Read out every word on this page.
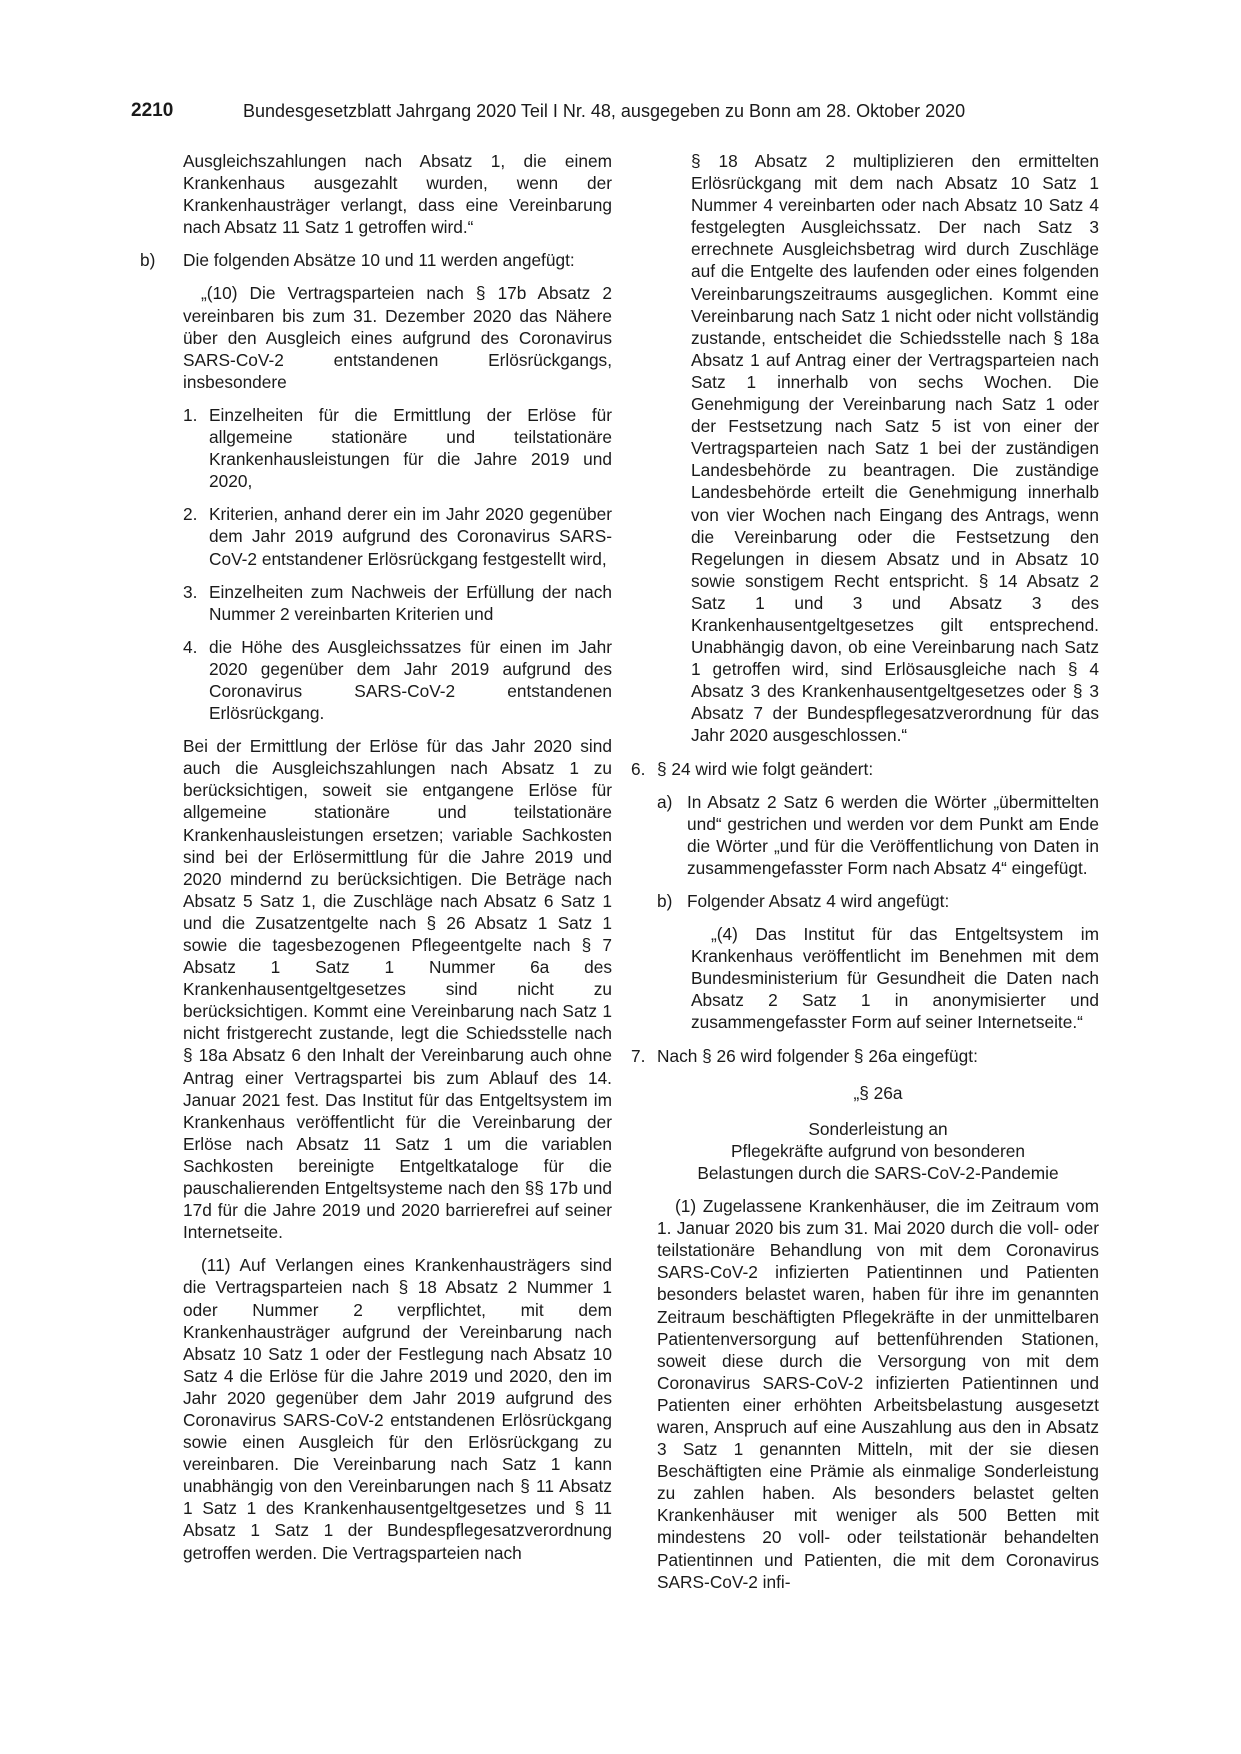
2210	Bundesgesetzblatt Jahrgang 2020 Teil I Nr. 48, ausgegeben zu Bonn am 28. Oktober 2020

Ausgleichszahlungen nach Absatz 1, die einem Krankenhaus ausgezahlt wurden, wenn der Krankenhausträger verlangt, dass eine Vereinbarung nach Absatz 11 Satz 1 getroffen wird.“

b) Die folgenden Absätze 10 und 11 werden angefügt:

„(10) Die Vertragsparteien nach § 17b Absatz 2 vereinbaren bis zum 31. Dezember 2020 das Nähere über den Ausgleich eines aufgrund des Coronavirus SARS-CoV-2 entstandenen Erlösrückgangs, insbesondere

1. Einzelheiten für die Ermittlung der Erlöse für allgemeine stationäre und teilstationäre Krankenhausleistungen für die Jahre 2019 und 2020,

2. Kriterien, anhand derer ein im Jahr 2020 gegenüber dem Jahr 2019 aufgrund des Coronavirus SARS-CoV-2 entstandener Erlösrückgang festgestellt wird,

3. Einzelheiten zum Nachweis der Erfüllung der nach Nummer 2 vereinbarten Kriterien und

4. die Höhe des Ausgleichssatzes für einen im Jahr 2020 gegenüber dem Jahr 2019 aufgrund des Coronavirus SARS-CoV-2 entstandenen Erlösrückgang.

Bei der Ermittlung der Erlöse für das Jahr 2020 sind auch die Ausgleichszahlungen nach Absatz 1 zu berücksichtigen, soweit sie entgangene Erlöse für allgemeine stationäre und teilstationäre Krankenhausleistungen ersetzen; variable Sachkosten sind bei der Erlösermittlung für die Jahre 2019 und 2020 mindernd zu berücksichtigen. Die Beträge nach Absatz 5 Satz 1, die Zuschläge nach Absatz 6 Satz 1 und die Zusatzentgelte nach § 26 Absatz 1 Satz 1 sowie die tagesbezogenen Pflegeentgelte nach § 7 Absatz 1 Satz 1 Nummer 6a des Krankenhausentgeltgesetzes sind nicht zu berücksichtigen. Kommt eine Vereinbarung nach Satz 1 nicht fristgerecht zustande, legt die Schiedsstelle nach § 18a Absatz 6 den Inhalt der Vereinbarung auch ohne Antrag einer Vertragspartei bis zum Ablauf des 14. Januar 2021 fest. Das Institut für das Entgeltsystem im Krankenhaus veröffentlicht für die Vereinbarung der Erlöse nach Absatz 11 Satz 1 um die variablen Sachkosten bereinigte Entgeltkataloge für die pauschalierenden Entgeltsysteme nach den §§ 17b und 17d für die Jahre 2019 und 2020 barrierefrei auf seiner Internetseite.

(11) Auf Verlangen eines Krankenhausträgers sind die Vertragsparteien nach § 18 Absatz 2 Nummer 1 oder Nummer 2 verpflichtet, mit dem Krankenhausträger aufgrund der Vereinbarung nach Absatz 10 Satz 1 oder der Festlegung nach Absatz 10 Satz 4 die Erlöse für die Jahre 2019 und 2020, den im Jahr 2020 gegenüber dem Jahr 2019 aufgrund des Coronavirus SARS-CoV-2 entstandenen Erlösrückgang sowie einen Ausgleich für den Erlösrückgang zu vereinbaren. Die Vereinbarung nach Satz 1 kann unabhängig von den Vereinbarungen nach § 11 Absatz 1 Satz 1 des Krankenhausentgeltgesetzes und § 11 Absatz 1 Satz 1 der Bundespflegesatzverordnung getroffen werden. Die Vertragsparteien nach

§ 18 Absatz 2 multiplizieren den ermittelten Erlösrückgang mit dem nach Absatz 10 Satz 1 Nummer 4 vereinbarten oder nach Absatz 10 Satz 4 festgelegten Ausgleichssatz. Der nach Satz 3 errechnete Ausgleichsbetrag wird durch Zuschläge auf die Entgelte des laufenden oder eines folgenden Vereinbarungszeitraums ausgeglichen. Kommt eine Vereinbarung nach Satz 1 nicht oder nicht vollständig zustande, entscheidet die Schiedsstelle nach § 18a Absatz 1 auf Antrag einer der Vertragsparteien nach Satz 1 innerhalb von sechs Wochen. Die Genehmigung der Vereinbarung nach Satz 1 oder der Festsetzung nach Satz 5 ist von einer der Vertragsparteien nach Satz 1 bei der zuständigen Landesbehörde zu beantragen. Die zuständige Landesbehörde erteilt die Genehmigung innerhalb von vier Wochen nach Eingang des Antrags, wenn die Vereinbarung oder die Festsetzung den Regelungen in diesem Absatz und in Absatz 10 sowie sonstigem Recht entspricht. § 14 Absatz 2 Satz 1 und 3 und Absatz 3 des Krankenhausentgeltgesetzes gilt entsprechend. Unabhängig davon, ob eine Vereinbarung nach Satz 1 getroffen wird, sind Erlösausgleiche nach § 4 Absatz 3 des Krankenhausentgeltgesetzes oder § 3 Absatz 7 der Bundespflegesatzverordnung für das Jahr 2020 ausgeschlossen.“

6. § 24 wird wie folgt geändert:

a) In Absatz 2 Satz 6 werden die Wörter „übermittelten und“ gestrichen und werden vor dem Punkt am Ende die Wörter „und für die Veröffentlichung von Daten in zusammengefasster Form nach Absatz 4“ eingefügt.

b) Folgender Absatz 4 wird angefügt:

„(4) Das Institut für das Entgeltsystem im Krankenhaus veröffentlicht im Benehmen mit dem Bundesministerium für Gesundheit die Daten nach Absatz 2 Satz 1 in anonymisierter und zusammengefasster Form auf seiner Internetseite.“

7. Nach § 26 wird folgender § 26a eingefügt:

„§ 26a

Sonderleistung an

Pflegekräfte aufgrund von besonderen

Belastungen durch die SARS-CoV-2-Pandemie

(1) Zugelassene Krankenhäuser, die im Zeitraum vom 1. Januar 2020 bis zum 31. Mai 2020 durch die voll- oder teilstationäre Behandlung von mit dem Coronavirus SARS-CoV-2 infizierten Patientinnen und Patienten besonders belastet waren, haben für ihre im genannten Zeitraum beschäftigten Pflegekräfte in der unmittelbaren Patientenversorgung auf bettenführenden Stationen, soweit diese durch die Versorgung von mit dem Coronavirus SARS-CoV-2 infizierten Patientinnen und Patienten einer erhöhten Arbeitsbelastung ausgesetzt waren, Anspruch auf eine Auszahlung aus den in Absatz 3 Satz 1 genannten Mitteln, mit der sie diesen Beschäftigten eine Prämie als einmalige Sonderleistung zu zahlen haben. Als besonders belastet gelten Krankenhäuser mit weniger als 500 Betten mit mindestens 20 voll- oder teilstationär behandelten Patientinnen und Patienten, die mit dem Coronavirus SARS-CoV-2 infi-
